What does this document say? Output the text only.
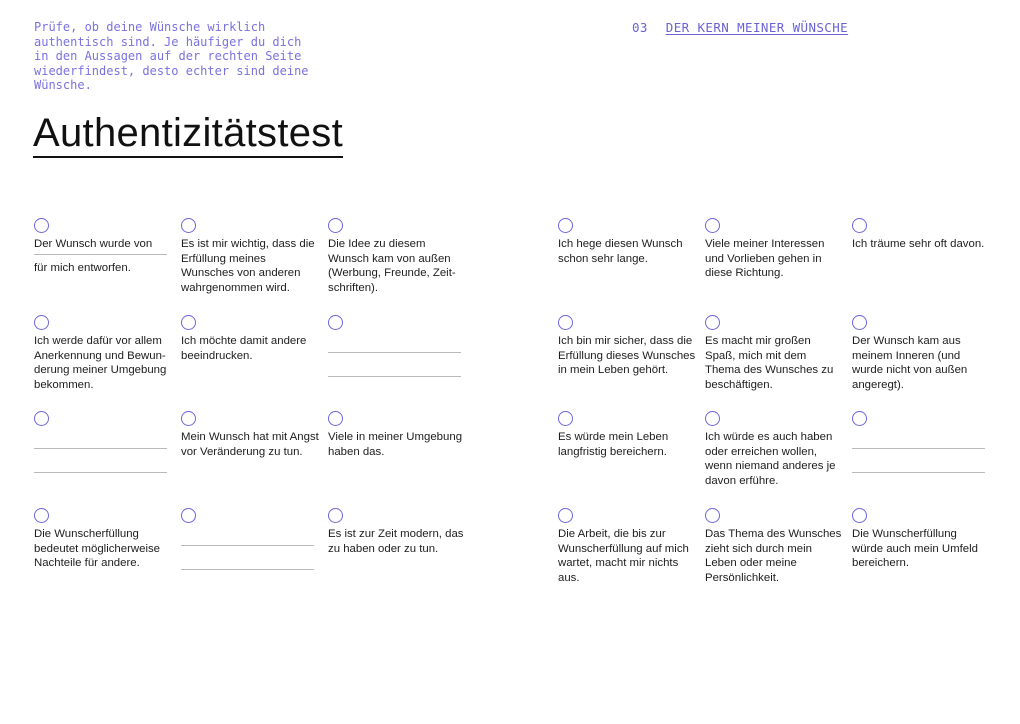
Prüfe, ob deine Wünsche wirklich authentisch sind. Je häufiger du dich in den Aussagen auf der rechten Seite wiederfindest, desto echter sind deine Wünsche.
03 DER KERN MEINER WÜNSCHE
Authentizitätstest
Der Wunsch wurde von
für mich entworfen.
Es ist mir wichtig, dass die Erfüllung meines Wunsches von anderen wahrgenommen wird.
Die Idee zu diesem Wunsch kam von außen (Werbung, Freunde, Zeit-schriften).
Ich werde dafür vor allem Anerkennung und Bewun-derung meiner Umgebung bekommen.
Ich möchte damit andere beeindrucken.
Mein Wunsch hat mit Angst vor Veränderung zu tun.
Viele in meiner Umgebung haben das.
Die Wunscherfüllung bedeutet möglicherweise Nachteile für andere.
Es ist zur Zeit modern, das zu haben oder zu tun.
Ich hege diesen Wunsch schon sehr lange.
Viele meiner Interessen und Vorlieben gehen in diese Richtung.
Ich träume sehr oft davon.
Ich bin mir sicher, dass die Erfüllung dieses Wunsches in mein Leben gehört.
Es macht mir großen Spaß, mich mit dem Thema des Wunsches zu beschäftigen.
Der Wunsch kam aus meinem Inneren (und wurde nicht von außen angeregt).
Es würde mein Leben langfristig bereichern.
Ich würde es auch haben oder erreichen wollen, wenn niemand anderes je davon erführe.
Die Arbeit, die bis zur Wunscherfüllung auf mich wartet, macht mir nichts aus.
Das Thema des Wunsches zieht sich durch mein Leben oder meine Persönlichkeit.
Die Wunscherfüllung würde auch mein Umfeld bereichern.
